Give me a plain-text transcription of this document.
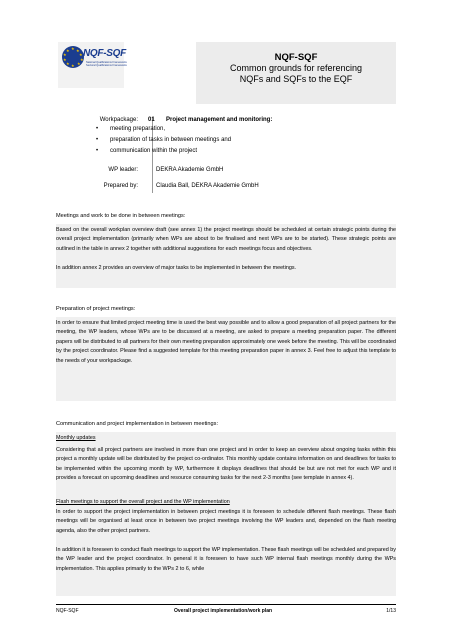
★ ★
★
★
★
★
★
★
★
★ NQF-SQF
National Qualifications Frameworks
Sectoral Qualifications Frameworks
NQF-SQF
Common grounds for referencing
NQFs and SQFs to the EQF
Workpackage: 01 Project management and monitoring:
WP leader:	DEKRA Akademie GmbH
Prepared by:	Claudia Ball, DEKRA Akademie GmbH
• meeting preparation,
• preparation of tasks in between meetings and
• communication within the project
Meetings and work to be done in between meetings:
Based on the overall workplan overview draft (see annex 1) the project meetings should be scheduled at certain strategic points during the overall project implementation (primarily when WPs are about to be finalised and next WPs are to be started). These strategic points are outlined in the table in annex 2 together with additional suggestions for each meetings focus and objectives.
In addition annex 2 provides an overview of major tasks to be implemented in between the meetings.
Preparation of project meetings:
In order to ensure that limited project meeting time is used the best way possible and to allow a good preparation of all project partners for the meeting, the WP leaders, whose WPs are to be discussed at a meeting, are asked to prepare a meeting preparation paper. The different papers will be distributed to all partners for their own meeting preparation approximately one week before the meeting. This will be coordinated by the project coordinator. Please find a suggested template for this meeting preparation paper in annex 3. Feel free to adjust this template to the needs of your workpackage.
Communication and project implementation in between meetings:
Monthly updates
Considering that all project partners are involved in more than one project and in order to keep an overview about ongoing tasks within this project a monthly update will be distributed by the project co-ordinator. This monthly update contains information on and deadlines for tasks to be implemented within the upcoming month by WP, furthermore it displays deadlines that should be but are not met for each WP and it provides a forecast on upcoming deadlines and resource consuming tasks for the next 2-3 months (see template in annex 4).
Flash meetings to support the overall project and the WP implementation
In order to support the project implementation in between project meetings it is foreseen to schedule different flash meetings. These flash meetings will be organised at least once in between two project meetings involving the WP leaders and, depended on the flash meeting agenda, also the other project partners.
In addition it is foreseen to conduct flash meetings to support the WP implementation. These flash meetings will be scheduled and prepared by the WP leader and the project coordinator. In general it is foreseen to have such WP internal flash meetings monthly during the WPs implementation. This applies primarily to the WPs 2 to 6, while
NQF-SQF	Overall project implementation/work plan	1/13
